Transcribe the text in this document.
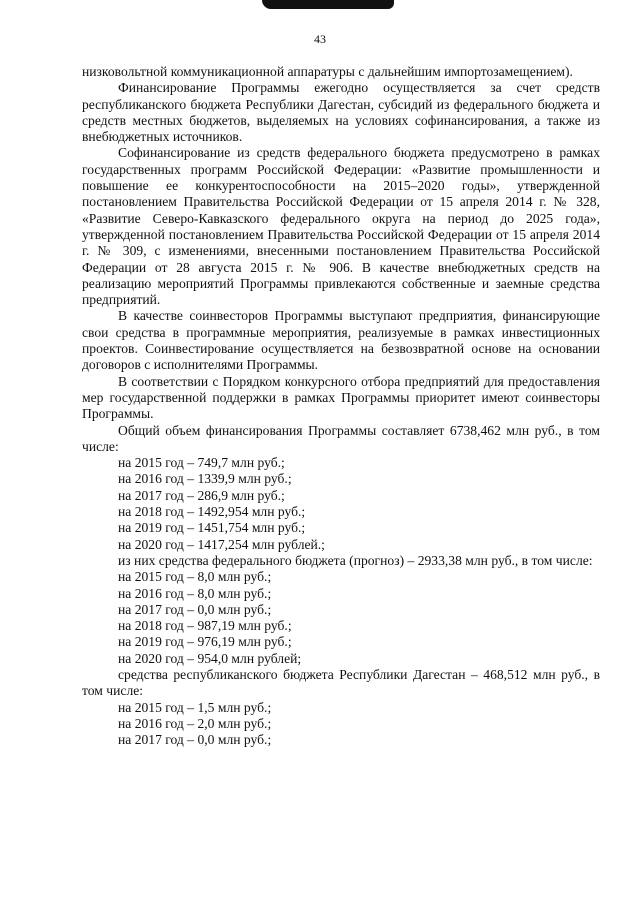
43

низковольтной коммуникационной аппаратуры с дальнейшим импортозамещением).

Финансирование Программы ежегодно осуществляется за счет средств республиканского бюджета Республики Дагестан, субсидий из федерального бюджета и средств местных бюджетов, выделяемых на условиях софинансирования, а также из внебюджетных источников.

Софинансирование из средств федерального бюджета предусмотрено в рамках государственных программ Российской Федерации: «Развитие промышленности и повышение ее конкурентоспособности на 2015–2020 годы», утвержденной постановлением Правительства Российской Федерации от 15 апреля 2014 г. № 328, «Развитие Северо-Кавказского федерального округа на период до 2025 года», утвержденной постановлением Правительства Российской Федерации от 15 апреля 2014 г. № 309, с изменениями, внесенными постановлением Правительства Российской Федерации от 28 августа 2015 г. № 906. В качестве внебюджетных средств на реализацию мероприятий Программы привлекаются собственные и заемные средства предприятий.

В качестве соинвесторов Программы выступают предприятия, финансирующие свои средства в программные мероприятия, реализуемые в рамках инвестиционных проектов. Соинвестирование осуществляется на безвозвратной основе на основании договоров с исполнителями Программы.

В соответствии с Порядком конкурсного отбора предприятий для предоставления мер государственной поддержки в рамках Программы приоритет имеют соинвесторы Программы.

Общий объем финансирования Программы составляет 6738,462 млн руб., в том числе:

на 2015 год – 749,7 млн руб.;

на 2016 год – 1339,9 млн руб.;

на 2017 год – 286,9 млн руб.;

на 2018 год – 1492,954 млн руб.;

на 2019 год – 1451,754 млн руб.;

на 2020 год – 1417,254 млн рублей.;

из них средства федерального бюджета (прогноз) – 2933,38 млн руб., в том числе:

на 2015 год – 8,0 млн руб.;

на 2016 год – 8,0 млн руб.;

на 2017 год – 0,0 млн руб.;

на 2018 год – 987,19 млн руб.;

на 2019 год – 976,19 млн руб.;

на 2020 год – 954,0 млн рублей;

средства республиканского бюджета Республики Дагестан – 468,512 млн руб., в том числе:

на 2015 год – 1,5 млн руб.;

на 2016 год – 2,0 млн руб.;

на 2017 год – 0,0 млн руб.;
